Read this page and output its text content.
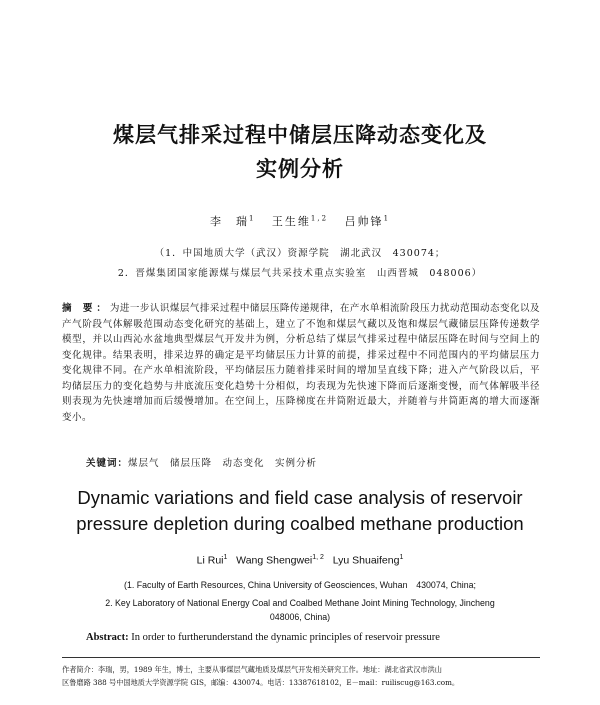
煤层气排采过程中储层压降动态变化及
实例分析
李　瑞$^1$ 王生维$^{1,2}$ 吕帅锋$^1$
（1．中国地质大学（武汉）资源学院　湖北武汉　430074；
2．晋煤集团国家能源煤与煤层气共采技术重点实验室　山西晋城　048006）
摘 要：为进一步认识煤层气排采过程中储层压降传递规律，在产水单相流阶段压力扰动范围动态变化以及产气阶段气体解吸范围动态变化研究的基础上，建立了不饱和煤层气藏以及饱和煤层气藏储层压降传递数学模型，并以山西沁水盆地典型煤层气开发井为例，分析总结了煤层气排采过程中储层压降在时间与空间上的变化规律。结果表明，排采边界的确定是平均储层压力计算的前提，排采过程中不同范围内的平均储层压力变化规律不同。在产水单相流阶段，平均储层压力随着排采时间的增加呈直线下降；进入产气阶段以后，平均储层压力的变化趋势与井底流压变化趋势十分相似，均表现为先快速下降而后逐渐变慢，而气体解吸半径则表现为先快速增加而后缓慢增加。在空间上，压降梯度在井筒附近最大，并随着与井筒距离的增大而逐渐变小。
关键词：煤层气　储层压降　动态变化　实例分析
Dynamic variations and field case analysis of reservoir
pressure depletion during coalbed methane production
Li Rui$^1$ Wang Shengwei$^{1, 2}$ Lyu Shuaifeng$^1$
(1. Faculty of Earth Resources, China University of Geosciences, Wuhan　430074, China;
2. Key Laboratory of National Energy Coal and Coalbed Methane Joint Mining Technology, Jincheng
048006, China)
Abstract: In order to furtherunderstand the dynamic principles of reservoir pressure
作者简介：李瑞，男，1989 年生，博士，主要从事煤层气藏地质及煤层气开发相关研究工作。地址：湖北省武汉市洪山
区鲁磨路 388 号中国地质大学资源学院 GIS，邮编：430074。电话：13387618102，E－mail：ruiliscug@163.com。
